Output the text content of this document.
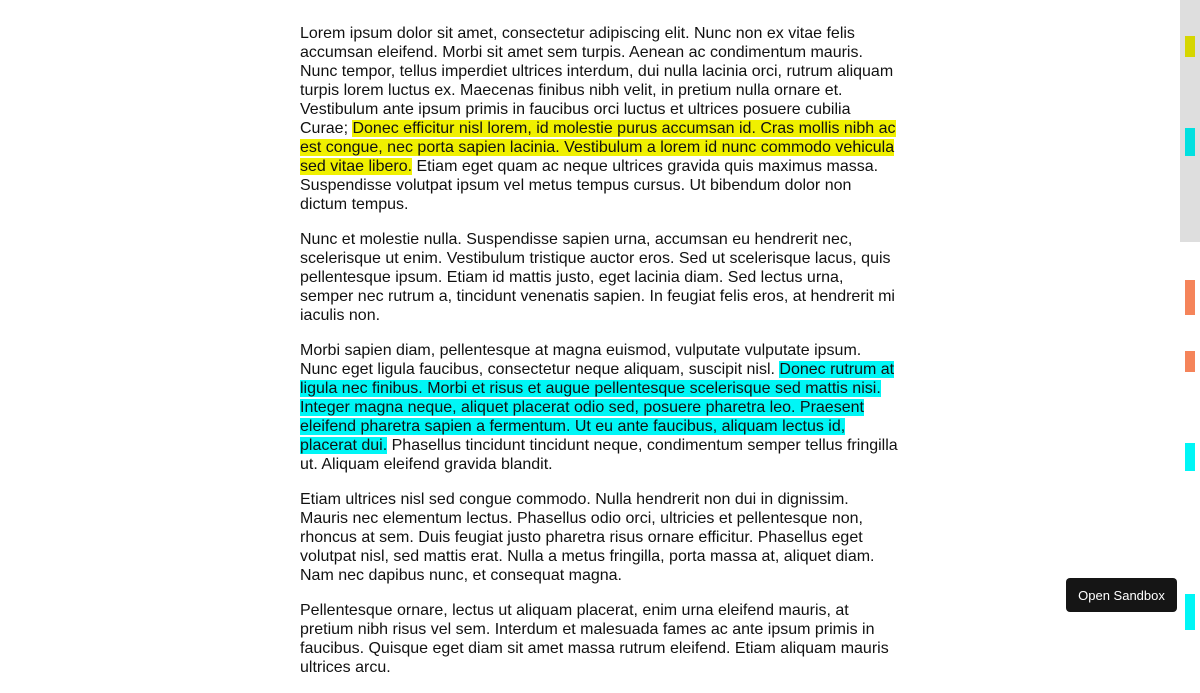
Lorem ipsum dolor sit amet, consectetur adipiscing elit. Nunc non ex vitae felis accumsan eleifend. Morbi sit amet sem turpis. Aenean ac condimentum mauris. Nunc tempor, tellus imperdiet ultrices interdum, dui nulla lacinia orci, rutrum aliquam turpis lorem luctus ex. Maecenas finibus nibh velit, in pretium nulla ornare et. Vestibulum ante ipsum primis in faucibus orci luctus et ultrices posuere cubilia Curae; Donec efficitur nisl lorem, id molestie purus accumsan id. Cras mollis nibh ac est congue, nec porta sapien lacinia. Vestibulum a lorem id nunc commodo vehicula sed vitae libero. Etiam eget quam ac neque ultrices gravida quis maximus massa. Suspendisse volutpat ipsum vel metus tempus cursus. Ut bibendum dolor non dictum tempus.

Nunc et molestie nulla. Suspendisse sapien urna, accumsan eu hendrerit nec, scelerisque ut enim. Vestibulum tristique auctor eros. Sed ut scelerisque lacus, quis pellentesque ipsum. Etiam id mattis justo, eget lacinia diam. Sed lectus urna, semper nec rutrum a, tincidunt venenatis sapien. In feugiat felis eros, at hendrerit mi iaculis non.

Morbi sapien diam, pellentesque at magna euismod, vulputate vulputate ipsum. Nunc eget ligula faucibus, consectetur neque aliquam, suscipit nisl. Donec rutrum at ligula nec finibus. Morbi et risus et augue pellentesque scelerisque sed mattis nisi. Integer magna neque, aliquet placerat odio sed, posuere pharetra leo. Praesent eleifend pharetra sapien a fermentum. Ut eu ante faucibus, aliquam lectus id, placerat dui. Phasellus tincidunt tincidunt neque, condimentum semper tellus fringilla ut. Aliquam eleifend gravida blandit.

Etiam ultrices nisl sed congue commodo. Nulla hendrerit non dui in dignissim. Mauris nec elementum lectus. Phasellus odio orci, ultricies et pellentesque non, rhoncus at sem. Duis feugiat justo pharetra risus ornare efficitur. Phasellus eget volutpat nisl, sed mattis erat. Nulla a metus fringilla, porta massa at, aliquet diam. Nam nec dapibus nunc, et consequat magna.

Pellentesque ornare, lectus ut aliquam placerat, enim urna eleifend mauris, at pretium nibh risus vel sem. Interdum et malesuada fames ac ante ipsum primis in faucibus. Quisque eget diam sit amet massa rutrum eleifend. Etiam aliquam mauris ultrices arcu.

Open Sandbox
